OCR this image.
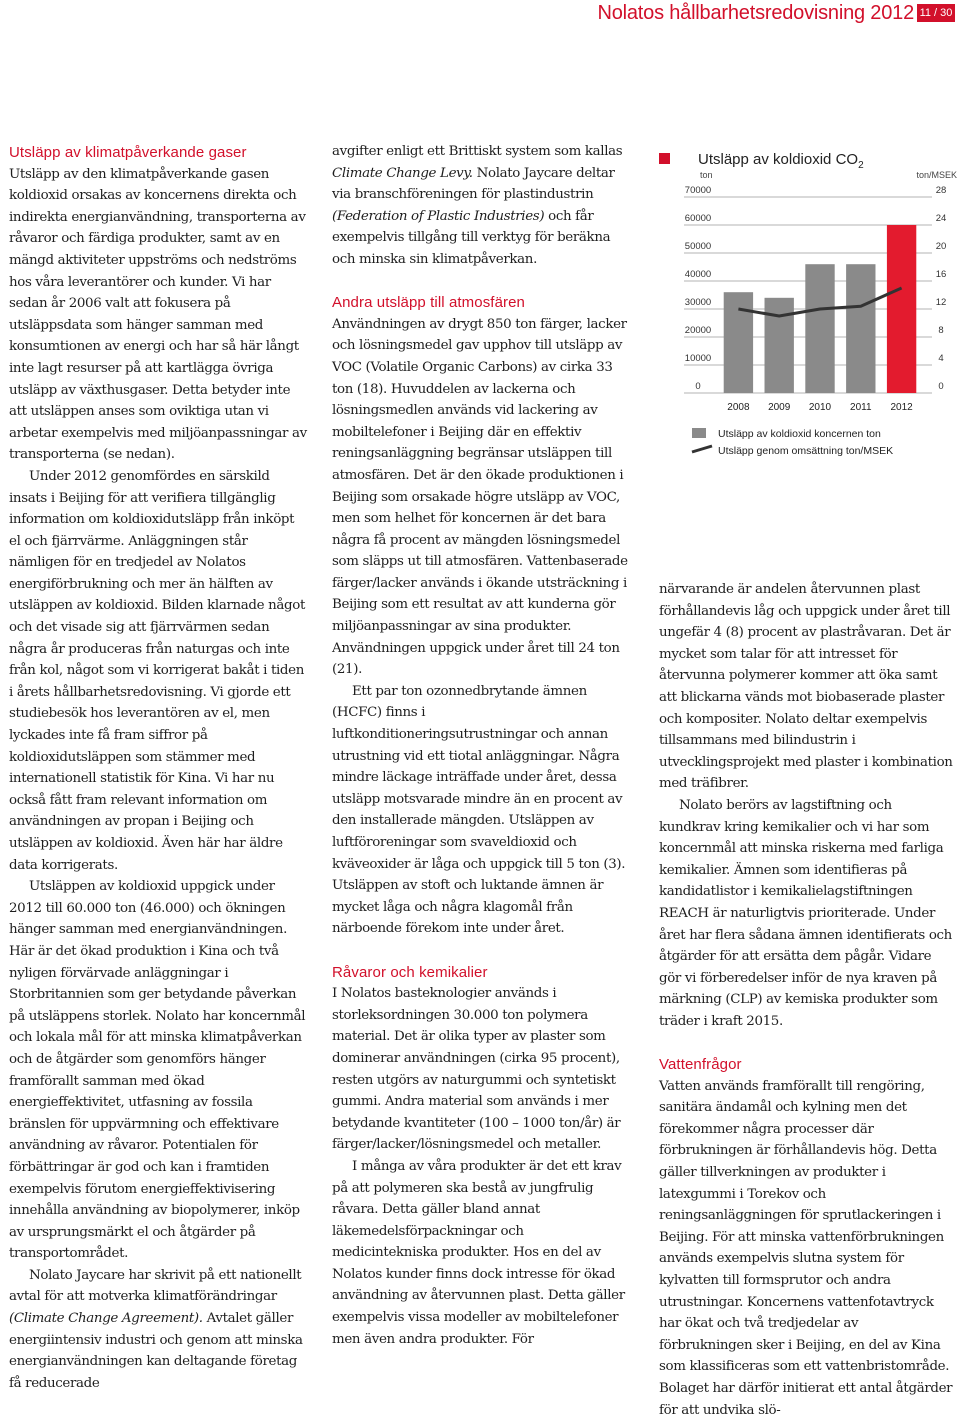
Nolatos hållbarhetsredovisning 2012 11 / 30
Utsläpp av klimatpåverkande gaser

Utsläpp av den klimatpåverkande gasen koldioxid orsakas av koncernens direkta och indirekta energianvändning, transporterna av råvaror och färdiga produkter, samt av en mängd aktiviteter uppströms och nedströms hos våra leverantörer och kunder. Vi har sedan år 2006 valt att fokusera på utsläppsdata som hänger samman med konsumtionen av energi och har så här långt inte lagt resurser på att kartlägga övriga utsläpp av växthusgaser. Detta betyder inte att utsläppen anses som oviktiga utan vi arbetar exempelvis med miljöanpassningar av transporterna (se nedan).

Under 2012 genomfördes en särskild insats i Beijing för att verifiera tillgänglig information om koldioxidutsläpp från inköpt el och fjärrvärme. Anläggningen står nämligen för en tredjedel av Nolatos energiförbrukning och mer än hälften av utsläppen av koldioxid. Bilden klarnade något och det visade sig att fjärrvärmen sedan några år produceras från naturgas och inte från kol, något som vi korrigerat bakåt i tiden i årets hållbarhetsredovisning. Vi gjorde ett studiebesök hos leverantören av el, men lyckades inte få fram siffror på koldioxidutsläppen som stämmer med internationell statistik för Kina. Vi har nu också fått fram relevant information om användningen av propan i Beijing och utsläppen av koldioxid. Även här har äldre data korrigerats.

Utsläppen av koldioxid uppgick under 2012 till 60.000 ton (46.000) och ökningen hänger samman med energianvändningen. Här är det ökad produktion i Kina och två nyligen förvärvade anläggningar i Storbritannien som ger betydande påverkan på utsläppens storlek. Nolato har koncernmål och lokala mål för att minska klimatpåverkan och de åtgärder som genomförs hänger framförallt samman med ökad energieffektivitet, utfasning av fossila bränslen för uppvärmning och effektivare användning av råvaror. Potentialen för förbättringar är god och kan i framtiden exempelvis förutom energieffektivisering innehålla användning av biopolymerer, inköp av ursprungsmärkt el och åtgärder på transportområdet.

Nolato Jaycare har skrivit på ett nationellt avtal för att motverka klimatförändringar (Climate Change Agreement). Avtalet gäller energiintensiv industri och genom att minska energianvändningen kan deltagande företag få reducerade

avgifter enligt ett Brittiskt system som kallas Climate Change Levy. Nolato Jaycare deltar via branschföreningen för plastindustrin (Federation of Plastic Industries) och får exempelvis tillgång till verktyg för beräkna och minska sin klimatpåverkan.

Andra utsläpp till atmosfären

Användningen av drygt 850 ton färger, lacker och lösningsmedel gav upphov till utsläpp av VOC (Volatile Organic Carbons) av cirka 33 ton (18). Huvuddelen av lackerna och lösningsmedlen används vid lackering av mobiltelefoner i Beijing där en effektiv reningsanläggning begränsar utsläppen till atmosfären. Det är den ökade produktionen i Beijing som orsakade högre utsläpp av VOC, men som helhet för koncernen är det bara några få procent av mängden lösningsmedel som släpps ut till atmosfären. Vattenbaserade färger/lacker används i ökande utsträckning i Beijing som ett resultat av att kunderna gör miljöanpassningar av sina produkter. Användningen uppgick under året till 24 ton (21).

Ett par ton ozonnedbrytande ämnen (HCFC) finns i luftkonditioneringsutrustningar och annan utrustning vid ett tiotal anläggningar. Några mindre läckage inträffade under året, dessa utsläpp motsvarade mindre än en procent av den installerade mängden. Utsläppen av luftföroreningar som svaveldioxid och kväveoxider är låga och uppgick till 5 ton (3). Utsläppen av stoft och luktande ämnen är mycket låga och några klagomål från närboende förekom inte under året.

Råvaror och kemikalier

I Nolatos basteknologier används i storleksordningen 30.000 ton polymera material. Det är olika typer av plaster som dominerar användningen (cirka 95 procent), resten utgörs av naturgummi och syntetiskt gummi. Andra material som används i mer betydande kvantiteter (100 – 1000 ton/år) är färger/lacker/lösningsmedel och metaller.

I många av våra produkter är det ett krav på att polymeren ska bestå av jungfrulig råvara. Detta gäller bland annat läkemedelsförpackningar och medicintekniska produkter. Hos en del av Nolatos kunder finns dock intresse för ökad användning av återvunnen plast. Detta gäller exempelvis vissa modeller av mobiltelefoner men även andra produkter. För

Utsläpp av koldioxid $CO_2$
ton	ton/MSEK
0
10000
20000
30000
40000
50000
60000
70000
0
4
8
12
16
20
24
28
2008 2009 2010 2011 2012
Utsläpp av koldioxid koncernen ton
Utsläpp genom omsättning ton/MSEK

närvarande är andelen återvunnen plast förhållandevis låg och uppgick under året till ungefär 4 (8) procent av plastråvaran. Det är mycket som talar för att intresset för återvunna polymerer kommer att öka samt att blickarna vänds mot biobaserade plaster och kompositer. Nolato deltar exempelvis tillsammans med bilindustrin i utvecklingsprojekt med plaster i kombination med träfibrer.

Nolato berörs av lagstiftning och kundkrav kring kemikalier och vi har som koncernmål att minska riskerna med farliga kemikalier. Ämnen som identifieras på kandidatlistor i kemikalielagstiftningen REACH är naturligtvis prioriterade. Under året har flera sådana ämnen identifierats och åtgärder för att ersätta dem pågår. Vidare gör vi förberedelser inför de nya kraven på märkning (CLP) av kemiska produkter som träder i kraft 2015.

Vattenfrågor

Vatten används framförallt till rengöring, sanitära ändamål och kylning men det förekommer några processer där förbrukningen är förhållandevis hög. Detta gäller tillverkningen av produkter i latexgummi i Torekov och reningsanläggningen för sprutlackeringen i Beijing. För att minska vattenförbrukningen används exempelvis slutna system för kylvatten till formsprutor och andra utrustningar. Koncernens vattenfotavtryck har ökat och två tredjedelar av förbrukningen sker i Beijing, en del av Kina som klassificeras som ett vattenbristområde. Bolaget har därför initierat ett antal åtgärder för att undvika slö-
